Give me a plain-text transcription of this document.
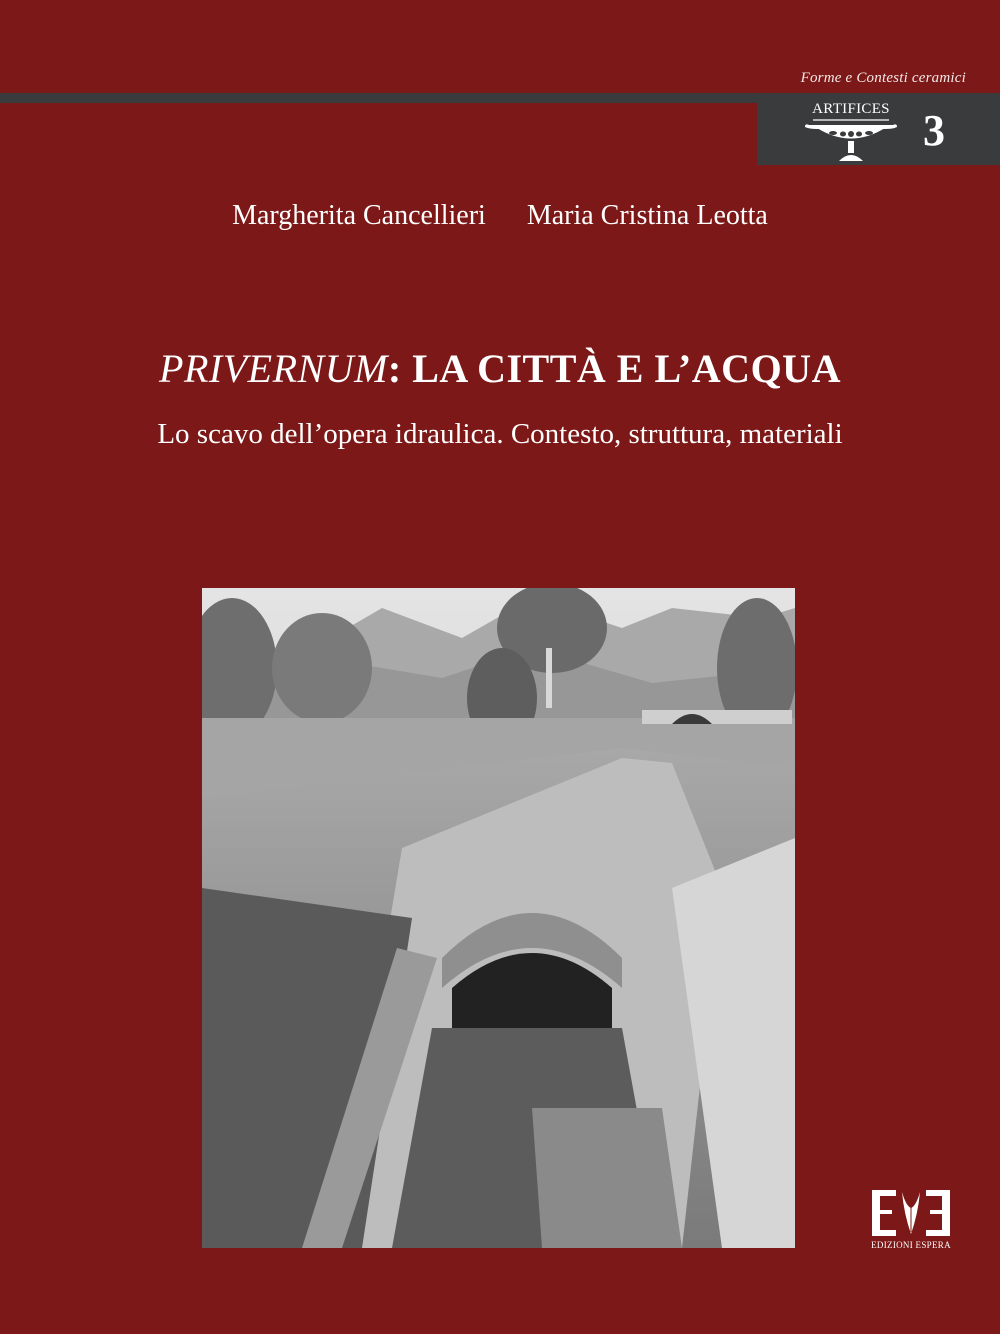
Forme e Contesti ceramici
ARTIFICES 3
Margherita Cancellieri Maria Cristina Leotta
PRIVERNUM: LA CITTÀ E L’ACQUA
Lo scavo dell’opera idraulica. Contesto, struttura, materiali
EDIZIONI ESPERA
